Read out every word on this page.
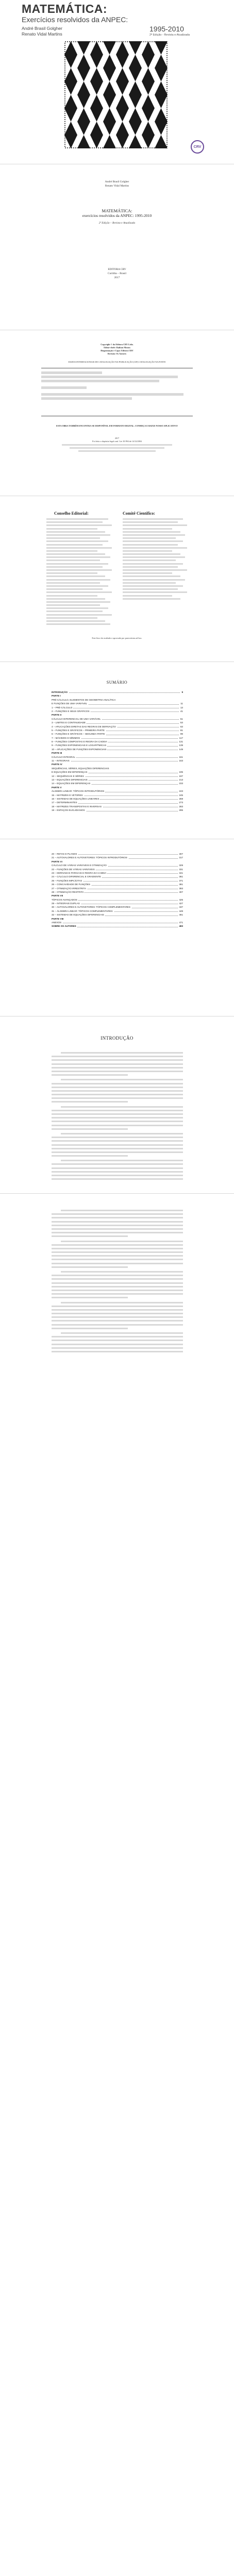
MATEMÁTICA:
Exercícios resolvidos da ANPEC:
1995-2010
André Brasil Golgher
Renato Vidal Martins	2ª Edição - Revista e Atualizada
CRV
André Brasil Golgher
Renato Vidal Martins
MATEMÁTICA:
exercícios resolvidos da ANPEC: 1995-2010
2ª Edição – Revista e Atualizada
EDITORA CRV
Curitiba – Brasil
2017
Copyright © da Editora CRV Ltda.
Editor-chefe: Railson Moura
Diagramação e Capa: Editora CRV
Revisão: Os Autores
DADOS INTERNACIONAIS DE CATALOGAÇÃO-NA-PUBLICAÇÃO (CIP) CATALOGAÇÃO NA FONTE
ESTA OBRA TAMBÉM ENCONTRA-SE DISPONÍVEL EM FORMATO DIGITAL. CONHEÇA E BAIXE NOSSO APLICATIVO!
2017
Foi feito o depósito legal conf. Lei 10.994 de 14/12/2004
Conselho Editorial:	Comitê Científico:
Este livro foi avaliado e aprovado por pareceristas ad hoc.
SUMÁRIO
INTRODUÇÃO	9
PARTE I
PRÉ-CÁLCULO, ELEMENTOS DE GEOMETRIA ANALÍTICA
E FUNÇÕES DE UMA VARIÁVEL	11
1 – PRÉ-CÁLCULO	13
2 – FUNÇÕES E SEUS GRÁFICOS	41
PARTE II
CÁLCULO DIFERENCIAL DE UMA VARIÁVEL	51
3 – LIMITES E CONTINUIDADE	53
4 – APLICAÇÕES DIRETAS DAS REGRAS DE DERIVAÇÃO	63
5 – FUNÇÕES E GRÁFICOS – PRIMEIRA PARTE	81
6 – FUNÇÕES E GRÁFICOS – SEGUNDA PARTE	99
7 – MÁXIMOS E MÍNIMOS	117
8 – FUNÇÕES COMPOSTAS E REGRA DA CADEIA	131
9 – FUNÇÕES EXPONENCIAIS E LOGARÍTMICAS	139
10 – APLICAÇÕES DE FUNÇÕES EXPONENCIAIS	149
PARTE III
CÁLCULO INTEGRAL	161
11 – INTEGRAIS	163
PARTE IV
SEQUÊNCIAS, SÉRIES, EQUAÇÕES DIFERENCIAIS
E EQUAÇÕES EM DIFERENÇAS	195
12 – SEQUÊNCIAS E SÉRIES	197
13 – EQUAÇÕES DIFERENCIAIS	213
14 – EQUAÇÕES EM DIFERENÇAS	233
PARTE V
ÁLGEBRA LINEAR: TÓPICOS INTRODUTÓRIOS	243
15 – MATRIZES E VETORES	245
16 – SISTEMAS DE EQUAÇÕES LINEARES	259
17 – DETERMINANTES	273
18 – MATRIZES TRANSPOSTAS E INVERSAS	283
19 – ESPAÇOS EUCLIDIANOS	295
20 – RETAS E PLANOS	307
21 – AUTOVALORES E AUTOVETORES: TÓPICOS INTRODUTÓRIOS	317
PARTE VI
CÁLCULO DE VÁRIAS VARIÁVEIS E OTIMIZAÇÃO	329
22 – FUNÇÕES DE VÁRIAS VARIÁVEIS	331
23 – DERIVADAS PARCIAIS E REGRA DA CADEIA	341
24 – CÁLCULO DIFERENCIAL E GRADIENTE	361
25 – FUNÇÕES IMPLÍCITAS	371
26 – CONCAVIDADE DE FUNÇÕES	381
27 – OTIMIZAÇÃO IRRESTRITA	393
28 – OTIMIZAÇÃO RESTRITA	407
PARTE VII
TÓPICOS AVANÇADOS	425
29 – INTEGRAIS DUPLAS	427
30 – AUTOVALORES E AUTOVETORES: TÓPICOS COMPLEMENTARES	437
31 – ÁLGEBRA LINEAR: TÓPICOS COMPLEMENTARES	449
32 – SISTEMAS DE EQUAÇÕES DIFERENCIAIS	461
PARTE VIII
ANEXOS	471
SOBRE OS AUTORES	483
INTRODUÇÃO
